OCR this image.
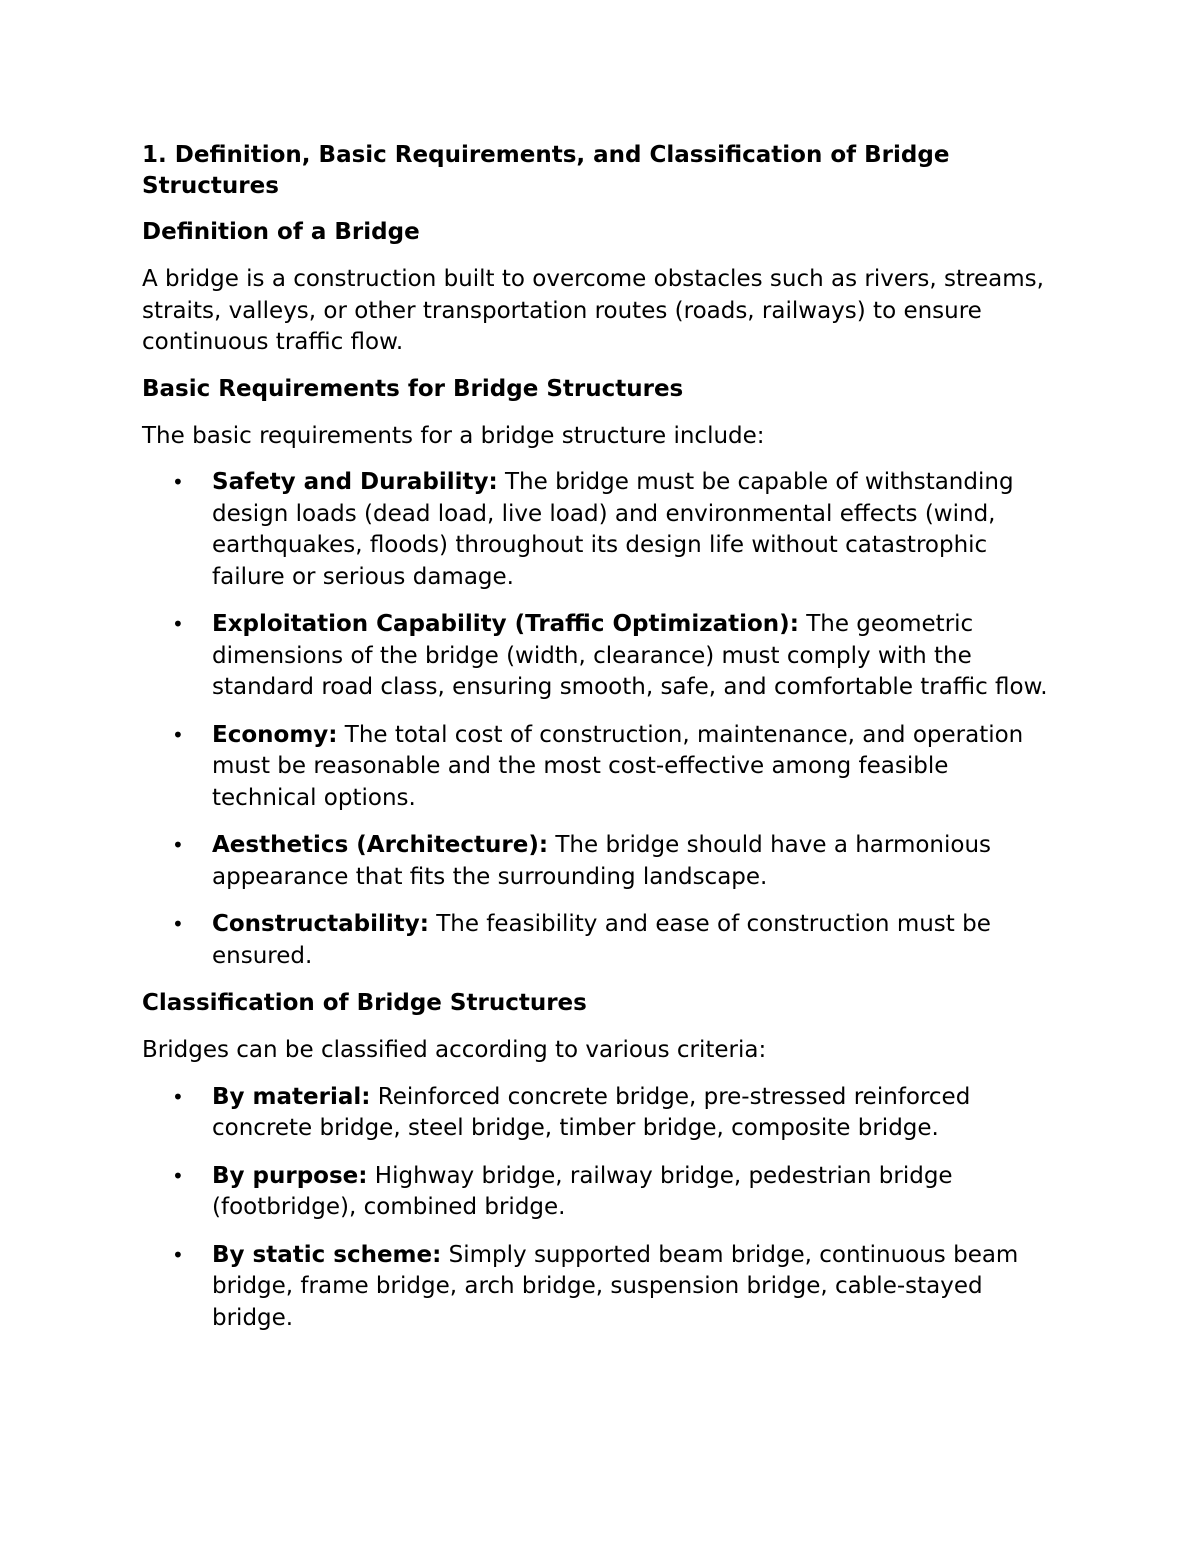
1. Definition, Basic Requirements, and Classification of Bridge Structures
Definition of a Bridge

A bridge is a construction built to overcome obstacles such as rivers, streams, straits, valleys, or other transportation routes (roads, railways) to ensure continuous traffic flow.

Basic Requirements for Bridge Structures

The basic requirements for a bridge structure include:

• Safety and Durability: The bridge must be capable of withstanding design loads (dead load, live load) and environmental effects (wind, earthquakes, floods) throughout its design life without catastrophic failure or serious damage.
• Exploitation Capability (Traffic Optimization): The geometric dimensions of the bridge (width, clearance) must comply with the standard road class, ensuring smooth, safe, and comfortable traffic flow.
• Economy: The total cost of construction, maintenance, and operation must be reasonable and the most cost-effective among feasible technical options.
• Aesthetics (Architecture): The bridge should have a harmonious appearance that fits the surrounding landscape.
• Constructability: The feasibility and ease of construction must be ensured.
Classification of Bridge Structures

Bridges can be classified according to various criteria:

• By material: Reinforced concrete bridge, pre-stressed reinforced concrete bridge, steel bridge, timber bridge, composite bridge.
• By purpose: Highway bridge, railway bridge, pedestrian bridge (footbridge), combined bridge.
• By static scheme: Simply supported beam bridge, continuous beam bridge, frame bridge, arch bridge, suspension bridge, cable-stayed bridge.
